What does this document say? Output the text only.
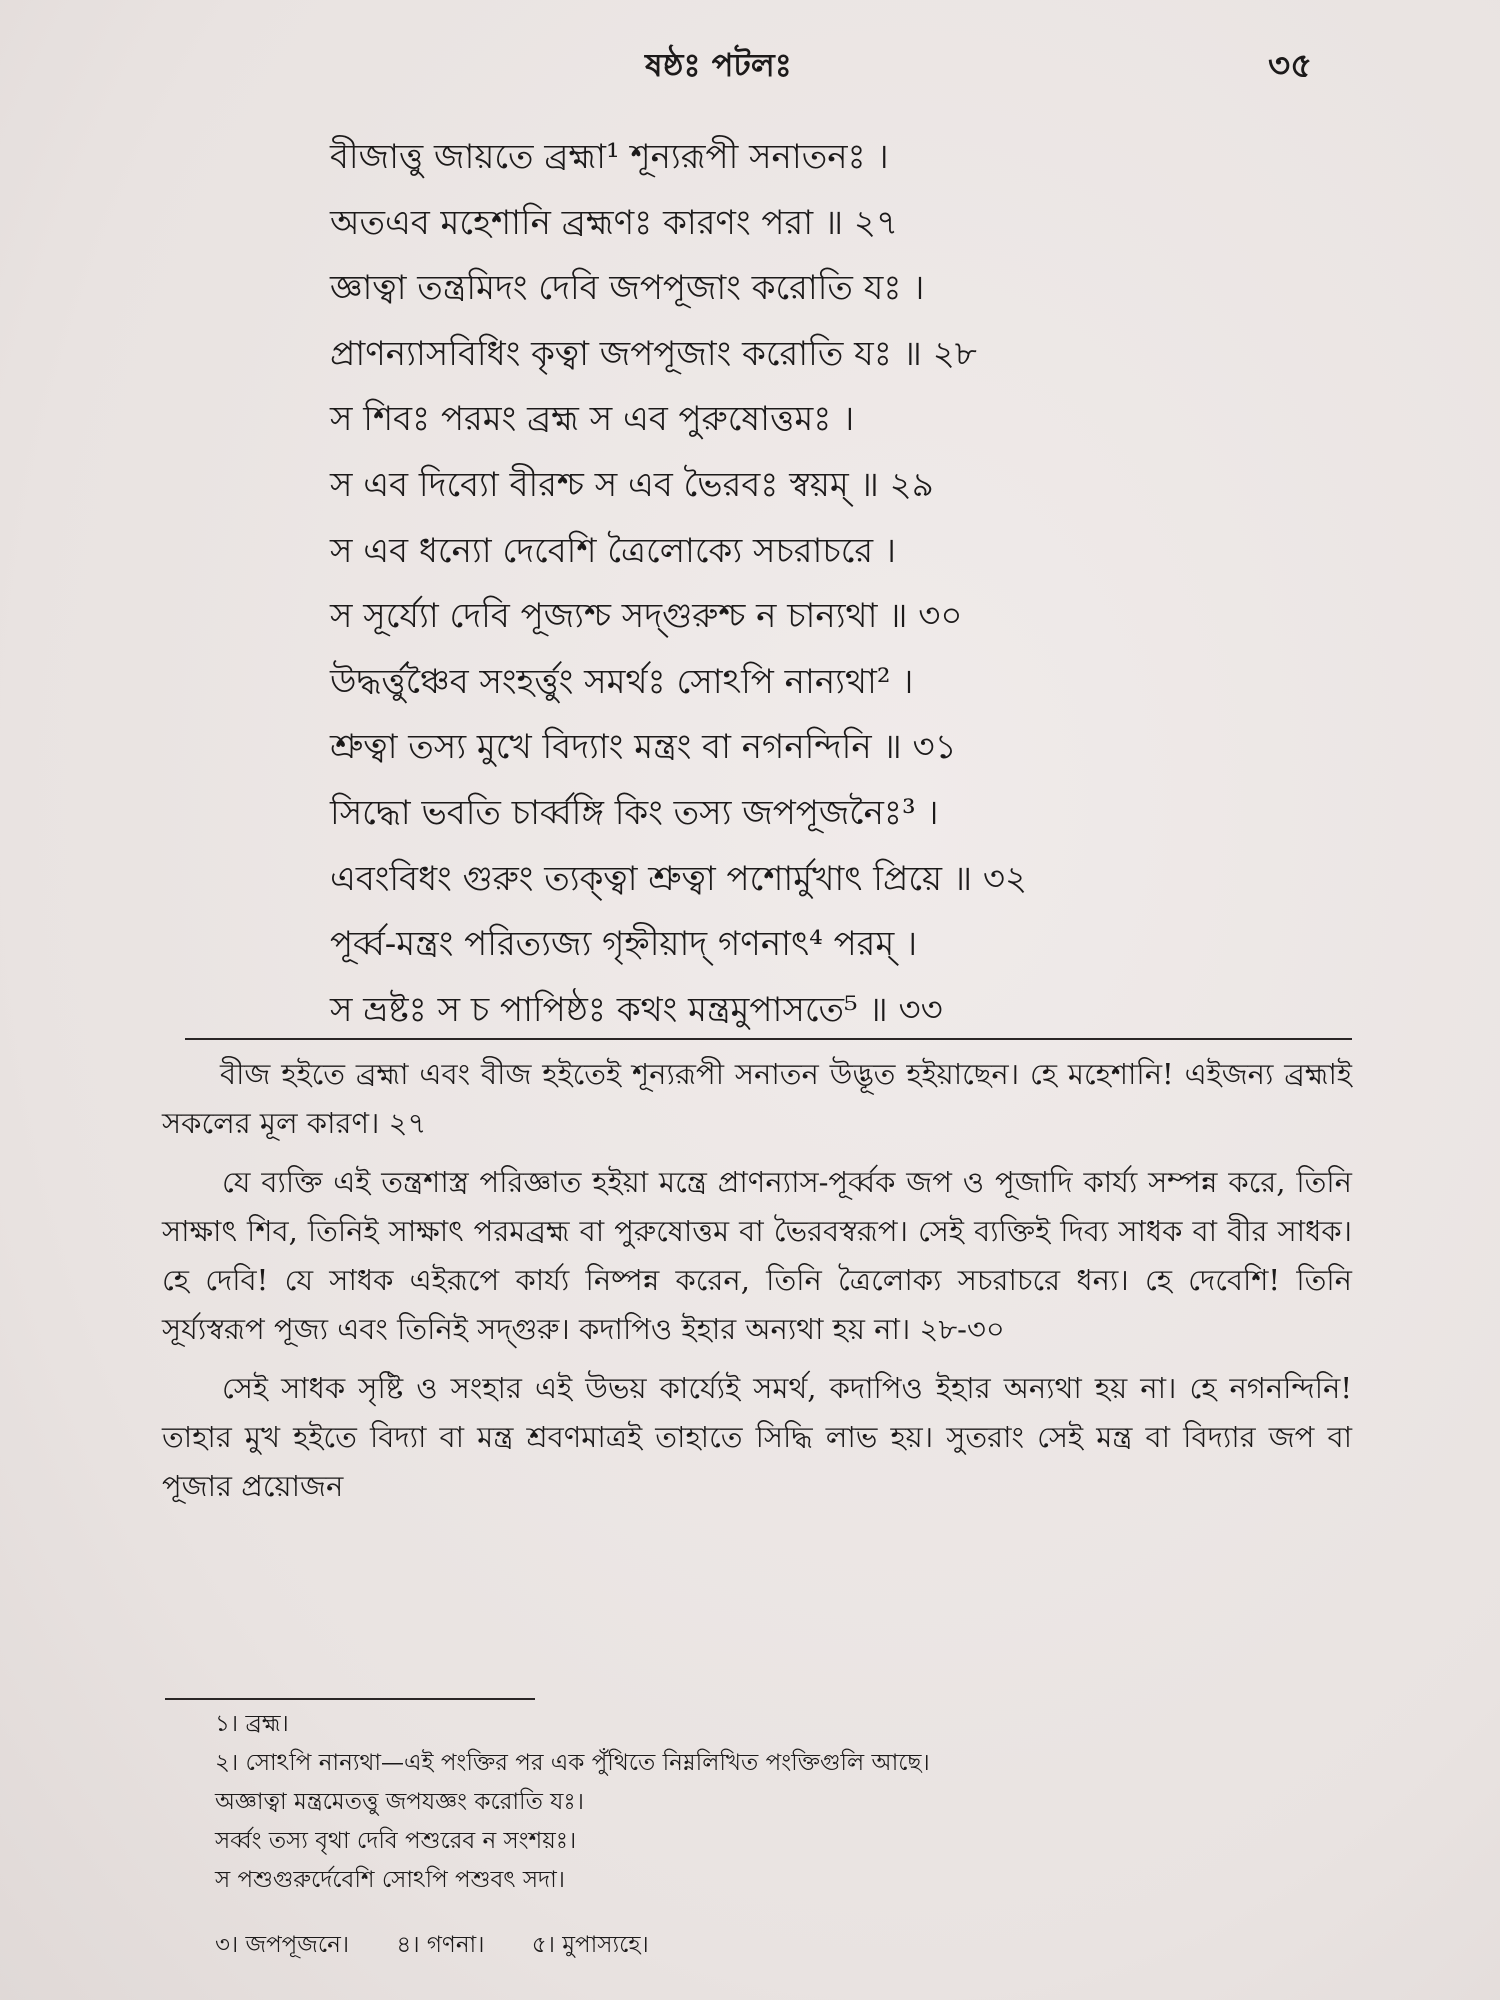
ষষ্ঠঃ পটলঃ	৩৫
বীজাত্তু জায়তে ব্রহ্মা¹ শূন্যরূপী সনাতনঃ ।
অতএব মহেশানি ব্রহ্মণঃ কারণং পরা ॥ ২৭
জ্ঞাত্বা তন্ত্রমিদং দেবি জপপূজাং করোতি যঃ ।
প্রাণন্যাসবিধিং কৃত্বা জপপূজাং করোতি যঃ ॥ ২৮
স শিবঃ পরমং ব্রহ্ম স এব পুরুষোত্তমঃ ।
স এব দিব্যো বীরশ্চ স এব ভৈরবঃ স্বয়ম্ ॥ ২৯
স এব ধন্যো দেবেশি ত্রৈলোক্যে সচরাচরে ।
স সূর্য্যো দেবি পূজ্যশ্চ সদ্গুরুশ্চ ন চান্যথা ॥ ৩০
উদ্ধর্ত্তুঞ্চৈব সংহর্ত্তুং সমর্থঃ সোঽপি নান্যথা² ।
শ্রুত্বা তস্য মুখে বিদ্যাং মন্ত্রং বা নগনন্দিনি ॥ ৩১
সিদ্ধো ভবতি চার্ব্বঙ্গি কিং তস্য জপপূজনৈঃ³ ।
এবংবিধং গুরুং ত্যক্ত্বা শ্রুত্বা পশোর্মুখাৎ প্রিয়ে ॥ ৩২
পূর্ব্ব-মন্ত্রং পরিত্যজ্য গৃহ্নীয়াদ্ গণনাৎ⁴ পরম্ ।
স ভ্রষ্টঃ স চ পাপিষ্ঠঃ কথং মন্ত্রমুপাসতে⁵ ॥ ৩৩

বীজ হইতে ব্রহ্মা এবং বীজ হইতেই শূন্যরূপী সনাতন উদ্ভূত হইয়াছেন। হে মহেশানি! এইজন্য ব্রহ্মাই সকলের মূল কারণ। ২৭

যে ব্যক্তি এই তন্ত্রশাস্ত্র পরিজ্ঞাত হইয়া মন্ত্রে প্রাণন্যাস-পূর্ব্বক জপ ও পূজাদি কার্য্য সম্পন্ন করে, তিনি সাক্ষাৎ শিব, তিনিই সাক্ষাৎ পরমব্রহ্ম বা পুরুষোত্তম বা ভৈরবস্বরূপ। সেই ব্যক্তিই দিব্য সাধক বা বীর সাধক। হে দেবি! যে সাধক এইরূপে কার্য্য নিষ্পন্ন করেন, তিনি ত্রৈলোক্য সচরাচরে ধন্য। হে দেবেশি! তিনি সূর্য্যস্বরূপ পূজ্য এবং তিনিই সদ্গুরু। কদাপিও ইহার অন্যথা হয় না। ২৮-৩০

সেই সাধক সৃষ্টি ও সংহার এই উভয় কার্য্যেই সমর্থ, কদাপিও ইহার অন্যথা হয় না। হে নগনন্দিনি! তাহার মুখ হইতে বিদ্যা বা মন্ত্র শ্রবণমাত্রই তাহাতে সিদ্ধি লাভ হয়। সুতরাং সেই মন্ত্র বা বিদ্যার জপ বা পূজার প্রয়োজন

১। ব্রহ্ম।
২। সোঽপি নান্যথা—এই পংক্তির পর এক পুঁথিতে নিম্নলিখিত পংক্তিগুলি আছে।
অজ্ঞাত্বা মন্ত্রমেতত্তু জপযজ্ঞং করোতি যঃ।
সর্ব্বং তস্য বৃথা দেবি পশুরেব ন সংশয়ঃ।
স পশুগুরুর্দেবেশি সোঽপি পশুবৎ সদা।
৩। জপপূজনে। ৪। গণনা। ৫। মুপাস্যহে।
